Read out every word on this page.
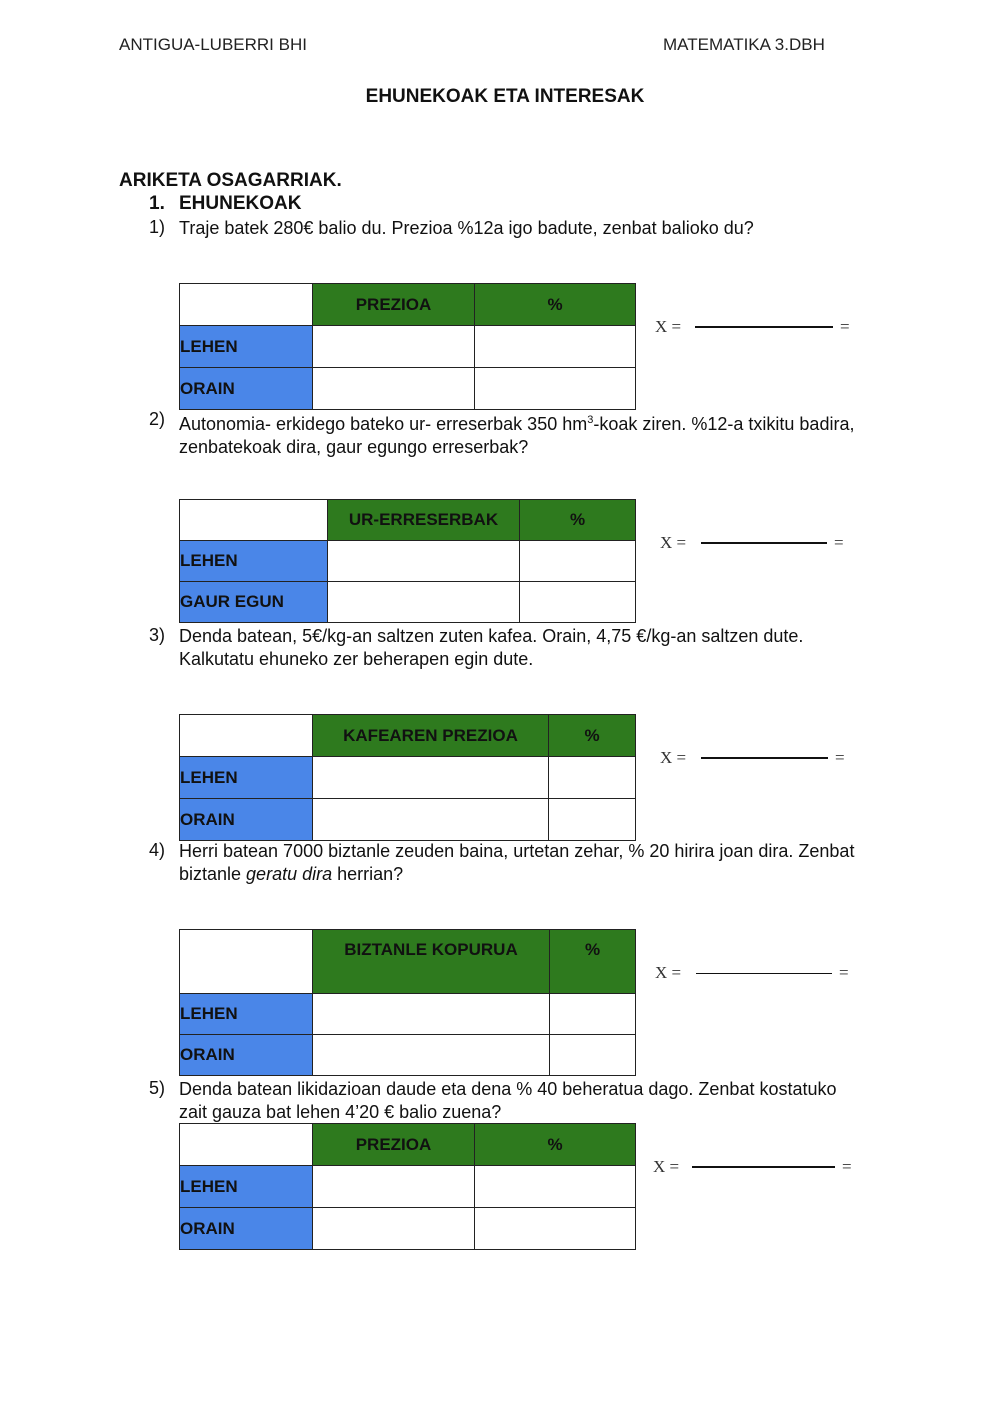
ANTIGUA-LUBERRI BHI	MATEMATIKA 3.DBH
EHUNEKOAK ETA INTERESAK
ARIKETA OSAGARRIAK.
1. EHUNEKOAK
1) Traje batek 280€ balio du. Prezioa %12a igo badute, zenbat balioko du?
	PREZIOA	%
LEHEN		
ORAIN		
X =	=
2) Autonomia- erkidego bateko ur- erreserbak 350 $hm^3$-koak ziren. %12-a txikitu badira, zenbatekoak dira, gaur egungo erreserbak?
	UR-ERRESERBAK	%
LEHEN		
GAUR EGUN		
X =	=
3) Denda batean, 5€/kg-an saltzen zuten kafea. Orain, 4,75 €/kg-an saltzen dute. Kalkutatu ehuneko zer beherapen egin dute.
	KAFEAREN PREZIOA	%
LEHEN		
ORAIN		
X =	=
4) Herri batean 7000 biztanle zeuden baina, urtetan zehar, % 20 hirira joan dira. Zenbat biztanle geratu dira herrian?
	BIZTANLE KOPURUA	%
LEHEN		
ORAIN		
X =	=
5) Denda batean likidazioan daude eta dena % 40 beheratua dago. Zenbat kostatuko zait gauza bat lehen 4’20 € balio zuena?
	PREZIOA	%
LEHEN		
ORAIN		
X =	=
